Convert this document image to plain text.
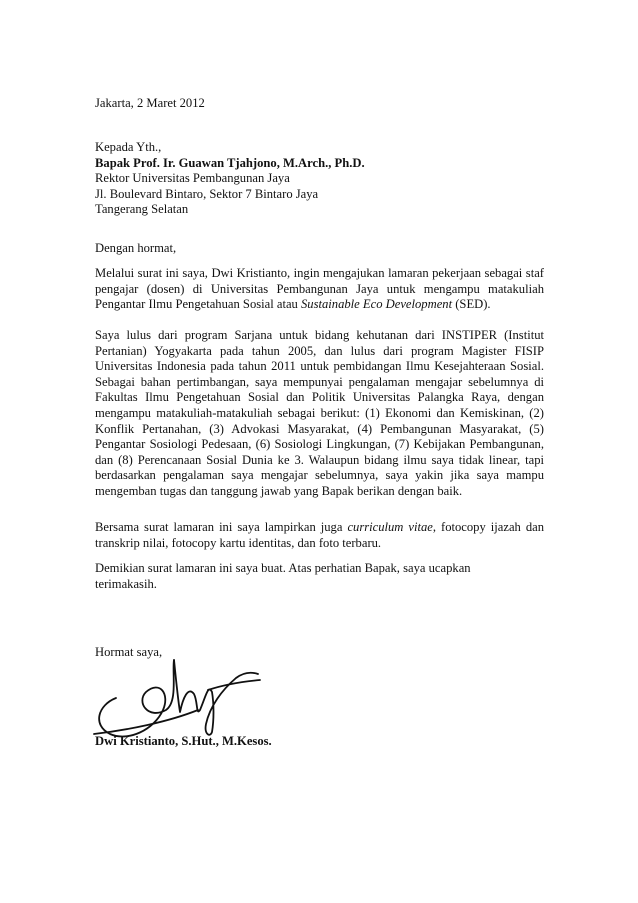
Jakarta, 2 Maret 2012
Kepada Yth.,
Bapak Prof. Ir. Guawan Tjahjono, M.Arch., Ph.D.
Rektor Universitas Pembangunan Jaya
Jl. Boulevard Bintaro, Sektor 7 Bintaro Jaya
Tangerang Selatan
Dengan hormat,

Melalui surat ini saya, Dwi Kristianto, ingin mengajukan lamaran pekerjaan sebagai staf pengajar (dosen) di Universitas Pembangunan Jaya untuk mengampu matakuliah Pengantar Ilmu Pengetahuan Sosial atau Sustainable Eco Development (SED).

Saya lulus dari program Sarjana untuk bidang kehutanan dari INSTIPER (Institut Pertanian) Yogyakarta pada tahun 2005, dan lulus dari program Magister FISIP Universitas Indonesia pada tahun 2011 untuk pembidangan Ilmu Kesejahteraan Sosial. Sebagai bahan pertimbangan, saya mempunyai pengalaman mengajar sebelumnya di Fakultas Ilmu Pengetahuan Sosial dan Politik Universitas Palangka Raya, dengan mengampu matakuliah-matakuliah sebagai berikut: (1) Ekonomi dan Kemiskinan, (2) Konflik Pertanahan, (3) Advokasi Masyarakat, (4) Pembangunan Masyarakat, (5) Pengantar Sosiologi Pedesaan, (6) Sosiologi Lingkungan, (7) Kebijakan Pembangunan, dan (8) Perencanaan Sosial Dunia ke 3. Walaupun bidang ilmu saya tidak linear, tapi berdasarkan pengalaman saya mengajar sebelumnya, saya yakin jika saya mampu mengemban tugas dan tanggung jawab yang Bapak berikan dengan baik.

Bersama surat lamaran ini saya lampirkan juga curriculum vitae, fotocopy ijazah dan transkrip nilai, fotocopy kartu identitas, dan foto terbaru.

Demikian surat lamaran ini saya buat. Atas perhatian Bapak, saya ucapkan
terimakasih.
Hormat saya,
Dwi Kristianto, S.Hut., M.Kesos.
